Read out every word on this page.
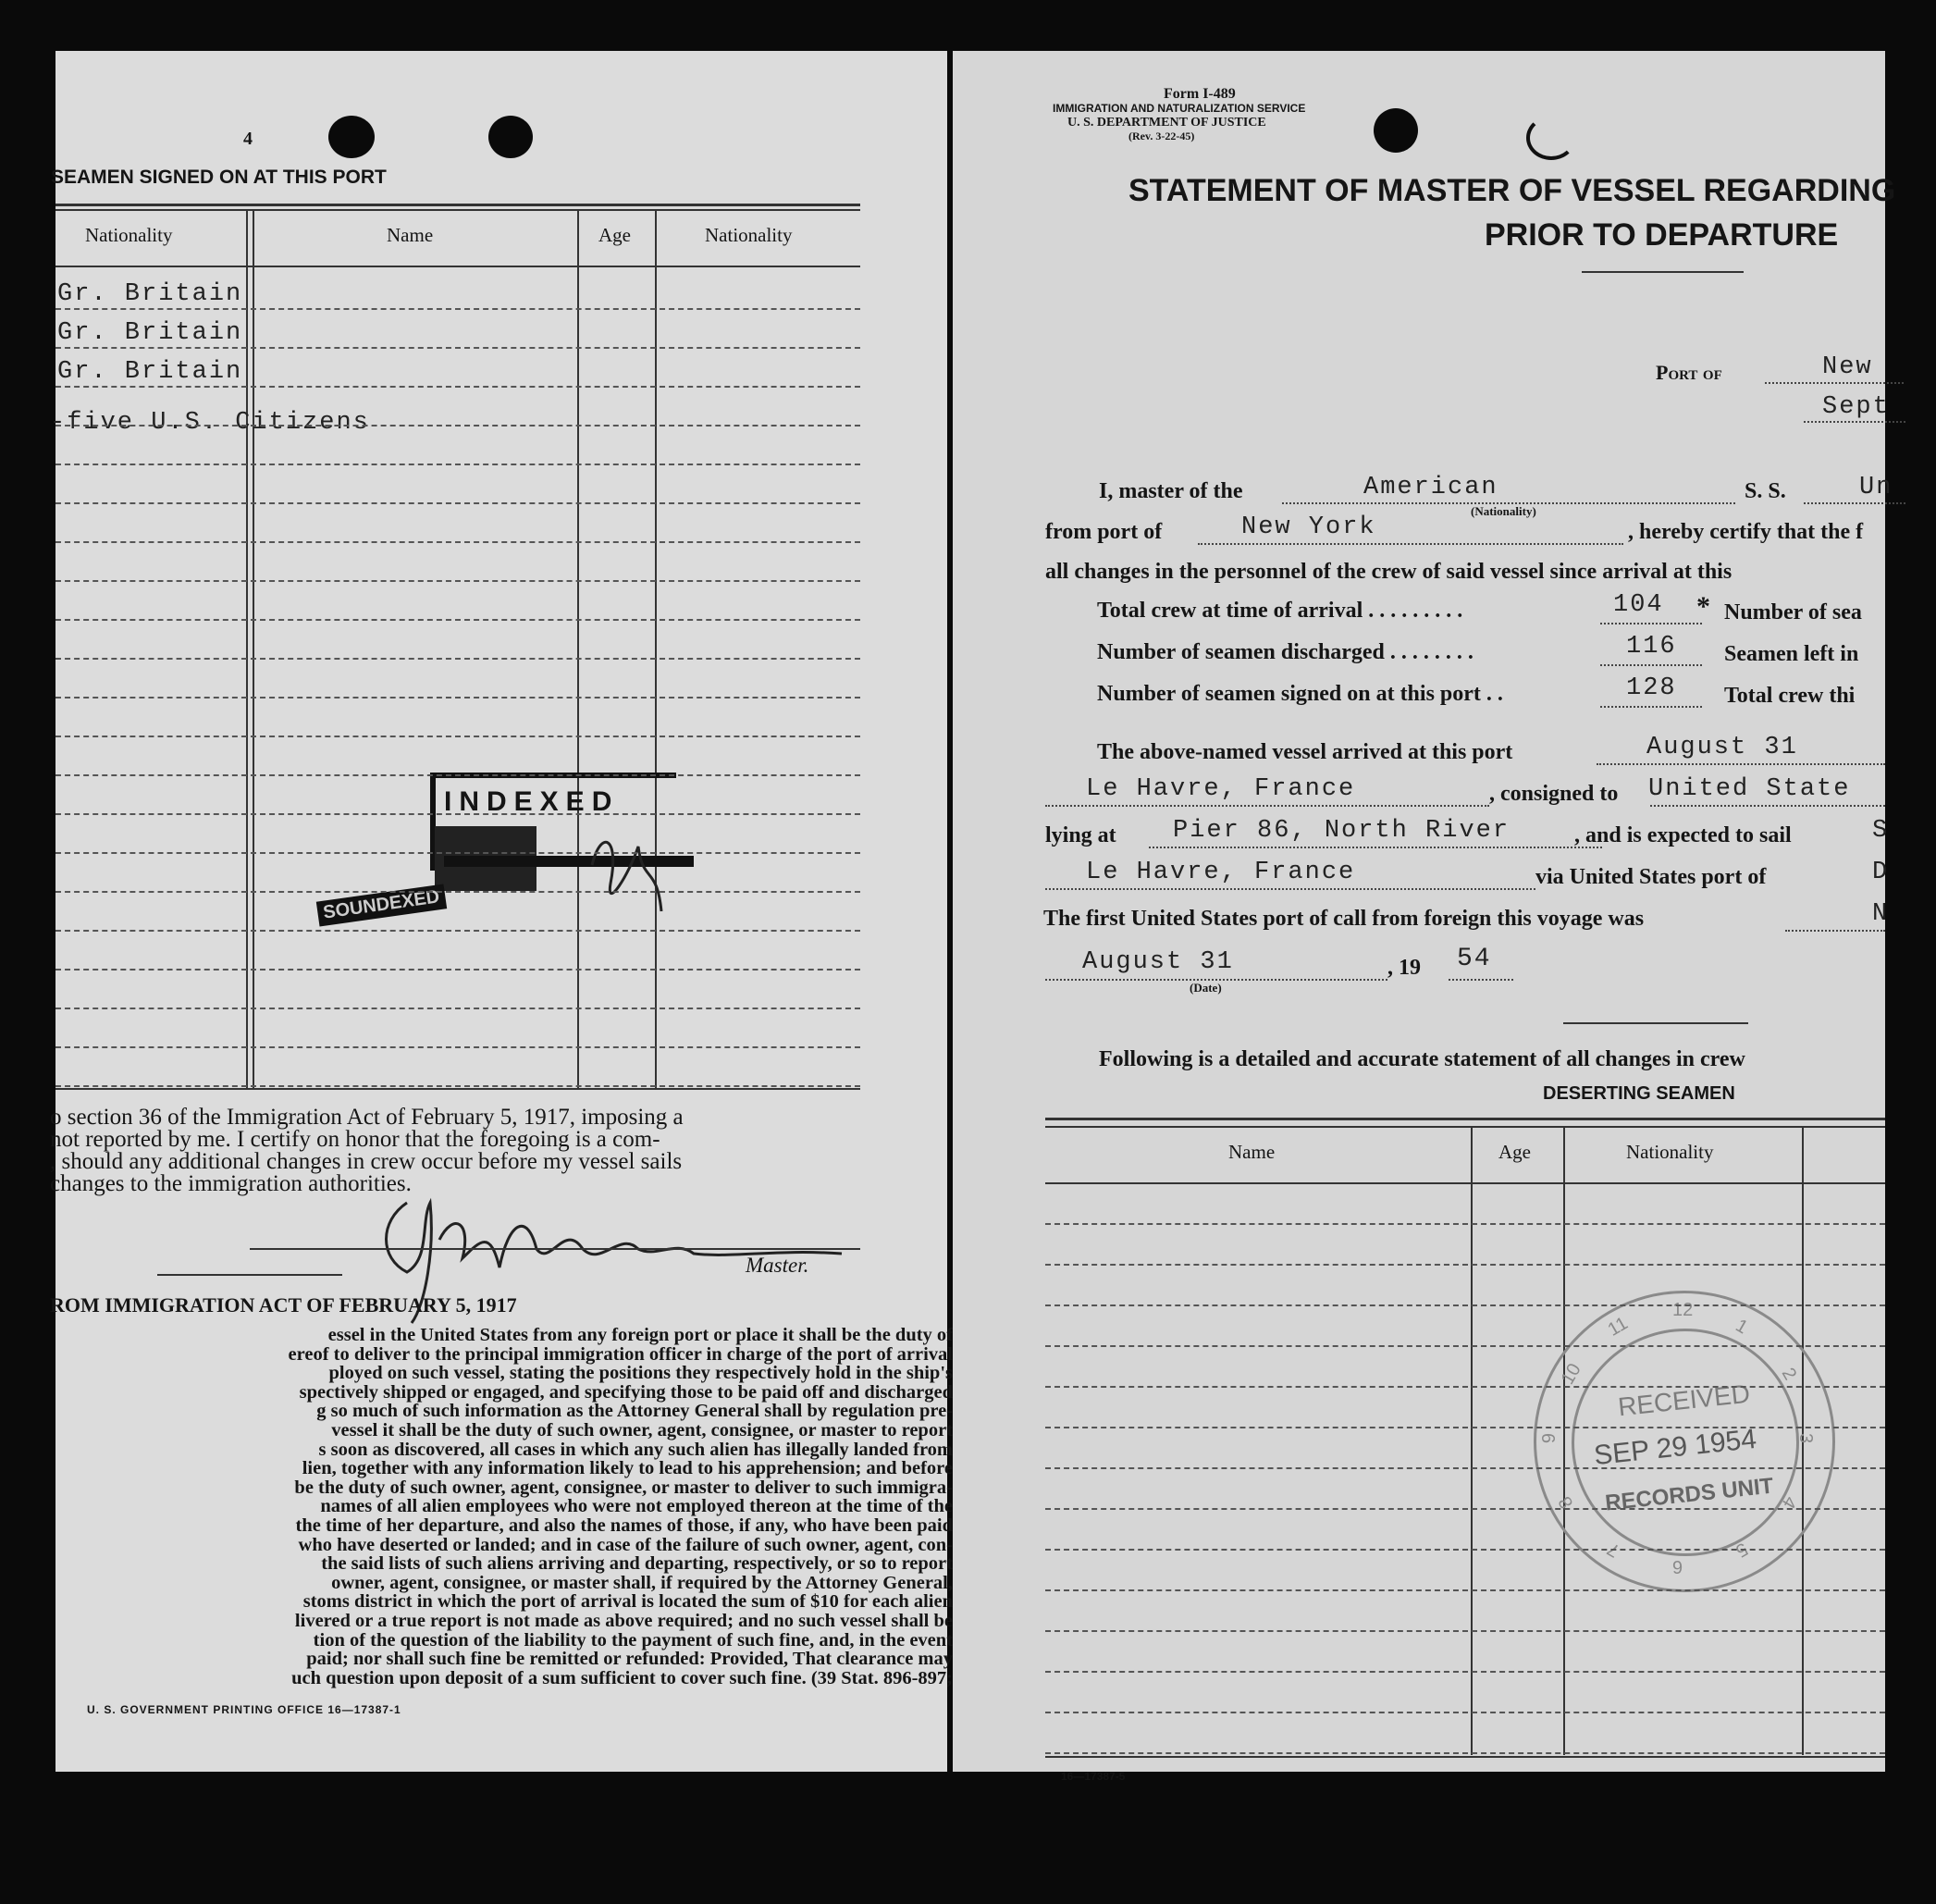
4
SEAMEN SIGNED ON AT THIS PORT
Nationality	Name	Age	Nationality
Gr. Britain
Gr. Britain
Gr. Britain
-five U.S. Citizens
INDEXED
SOUNDEXED
o section 36 of the Immigration Act of February 5, 1917, imposing a
not reported by me. I certify on honor that the foregoing is a com-
, should any additional changes in crew occur before my vessel sails
changes to the immigration authorities.
Master.
ROM IMMIGRATION ACT OF FEBRUARY 5, 1917
U. S. GOVERNMENT PRINTING OFFICE 16—17387-1
essel in the United States from any foreign port or place it shall be the duty of
ereof to deliver to the principal immigration officer in charge of the port of arrival
ployed on such vessel, stating the positions they respectively hold in the ship's
spectively shipped or engaged, and specifying those to be paid off and discharged
g so much of such information as the Attorney General shall by regulation pre-
vessel it shall be the duty of such owner, agent, consignee, or master to report
s soon as discovered, all cases in which any such alien has illegally landed from
lien, together with any information likely to lead to his apprehension; and before
be the duty of such owner, agent, consignee, or master to deliver to such immigra-
names of all alien employees who were not employed thereon at the time of the
the time of her departure, and also the names of those, if any, who have been paid
who have deserted or landed; and in case of the failure of such owner, agent, con-
the said lists of such aliens arriving and departing, respectively, or so to report
owner, agent, consignee, or master shall, if required by the Attorney General,
stoms district in which the port of arrival is located the sum of $10 for each alien
livered or a true report is not made as above required; and no such vessel shall be
tion of the question of the liability to the payment of such fine, and, in the event
paid; nor shall such fine be remitted or refunded: Provided, That clearance may
uch question upon deposit of a sum sufficient to cover such fine. (39 Stat. 896-897;
Form I-489
IMMIGRATION AND NATURALIZATION SERVICE
U. S. DEPARTMENT OF JUSTICE
(Rev. 3-22-45)
STATEMENT OF MASTER OF VESSEL REGARDING
PRIOR TO DEPARTURE
Port of	New
Sept
I, master of the	American
(Nationality)
S. S.	Un
from port of	New York	, hereby certify that the f
all changes in the personnel of the crew of said vessel since arrival at this
Total crew at time of arrival . . . . . . . . .	104 * Number of sea
Number of seamen discharged . . . . . . . .	116 Seamen left in
Number of seamen signed on at this port . .	128 Total crew thi
The above-named vessel arrived at this port	August 31
Le Havre, France	, consigned to United State
lying at Pier 86, North River	, and is expected to sail	S
Le Havre, France	via United States port of	D
The first United States port of call from foreign this voyage was	N
August 31
(Date)
, 19 54
Following is a detailed and accurate statement of all changes in crew
DESERTING SEAMEN
Name	Age	Nationality
12
1
2
3
4
5
6
7
8
9
10
11
RECEIVED
SEP 29 1954
RECORDS UNIT
16—17387-5
